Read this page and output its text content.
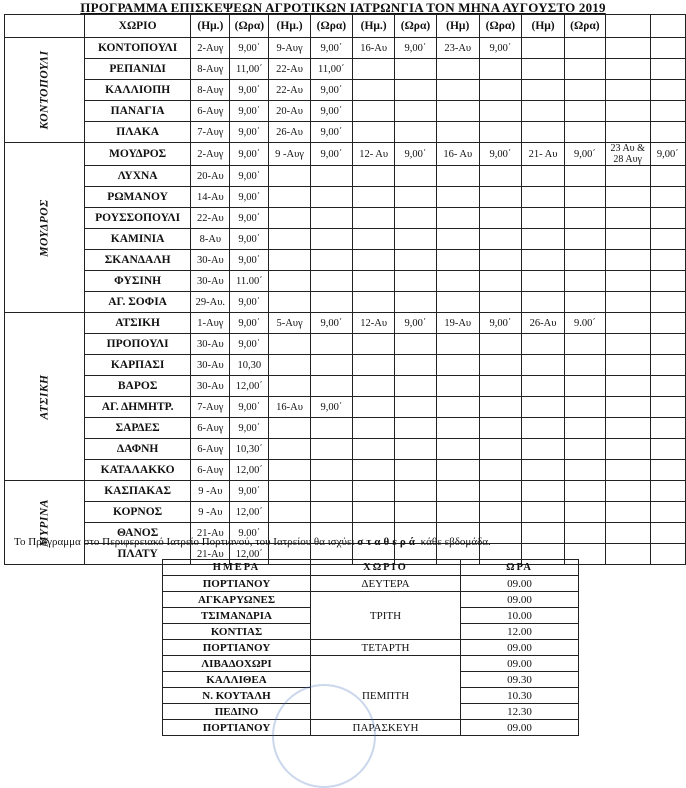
ΠΡΟΓΡΑΜΜΑ ΕΠΙΣΚΕΨΕΩΝ ΑΓΡΟΤΙΚΩΝ ΙΑΤΡΩΝΓΙΑ ΤΟΝ ΜΗΝΑ ΑΥΓΟΥΣΤΟ 2019
	ΧΩΡΙΟ	(Ημ.)	(Ωρα)	(Ημ.)	(Ωρα)	(Ημ.)	(Ωρα)	(Ημ)	(Ωρα)	(Ημ)	(Ωρα)		

ΚΟΝΤΟΠΟΥΛΙ	ΚΟΝΤΟΠΟΥΛΙ	2-Αυγ	9,00΄	9-Αυγ	9,00΄	16-Αυ	9,00΄	23-Αυ	9,00΄				
	ΡΕΠΑΝΙΔΙ	8-Αυγ	11,00΄	22-Αυ	11,00΄								
	ΚΑΛΛΙΟΠΗ	8-Αυγ	9,00΄	22-Αυ	9,00΄								
	ΠΑΝΑΓΙΑ	6-Αυγ	9,00΄	20-Αυ	9,00΄								
	ΠΛΑΚΑ	7-Αυγ	9,00΄	26-Αυ	9,00΄								

ΜΟΥΔΡΟΣ	ΜΟΥΔΡΟΣ	2-Αυγ	9,00΄	9 -Αυγ	9,00΄	12- Αυ	9,00΄	16- Αυ	9,00΄	21- Αυ	9,00΄	23 Αυ & 28 Αυγ	9,00΄
	ΛΥΧΝΑ	20-Αυ	9,00΄										
	ΡΩΜΑΝΟΥ	14-Αυ	9,00΄										
	ΡΟΥΣΣΟΠΟΥΛΙ	22-Αυ	9,00΄										
	ΚΑΜΙΝΙΑ	8-Αυ	9,00΄										
	ΣΚΑΝΔΑΛΗ	30-Αυ	9,00΄										
	ΦΥΣΙΝΗ	30-Αυ	11.00΄										
	ΑΓ. ΣΟΦΙΑ	29-Αυ.	9,00΄										

ΑΤΣΙΚΗ	ΑΤΣΙΚΗ	1-Αυγ	9,00΄	5-Αυγ	9,00΄	12-Αυ	9,00΄	19-Αυ	9,00΄	26-Αυ	9.00΄		
	ΠΡΟΠΟΥΛΙ	30-Αυ	9,00΄										
	ΚΑΡΠΑΣΙ	30-Αυ	10,30										
	ΒΑΡΟΣ	30-Αυ	12,00΄										
	ΑΓ. ΔΗΜΗΤΡ.	7-Αυγ	9,00΄	16-Αυ	9,00΄								
	ΣΑΡΔΕΣ	6-Αυγ	9,00΄										
	ΔΑΦΝΗ	6-Αυγ	10,30΄										
	ΚΑΤΑΛΑΚΚΟ	6-Αυγ	12,00΄										

ΜΥΡΙΝΑ	ΚΑΣΠΑΚΑΣ	9 -Αυ	9,00΄										
	ΚΟΡΝΟΣ	9 -Αυ	12,00΄										
	ΘΑΝΟΣ	21-Αυ	9.00΄										
	ΠΛΑΤΥ	21-Αυ	12,00΄										
Το Πρόγραμμα στο Περιφερειακό Ιατρείο Πορτιανού, του Ιατρείου θα ισχύει σταθερά κάθε εβδομάδα.
ΗΜΕΡΑ	ΧΩΡΙΟ	ΩΡΑ
ΠΟΡΤΙΑΝΟΥ	ΔΕΥΤΕΡΑ	09.00
ΑΓΚΑΡΥΩΝΕΣ		09.00
ΤΣΙΜΑΝΔΡΙΑ	ΤΡΙΤΗ	10.00
ΚΟΝΤΙΑΣ		12.00
ΠΟΡΤΙΑΝΟΥ	ΤΕΤΑΡΤΗ	09.00
ΛΙΒΑΔΟΧΩΡΙ		09.00
ΚΑΛΛΙΘΕΑ		09.30
Ν. ΚΟΥΤΑΛΗ	ΠΕΜΠΤΗ	10.30
ΠΕΔΙΝΟ		12.30
ΠΟΡΤΙΑΝΟΥ	ΠΑΡΑΣΚΕΥΗ	09.00
